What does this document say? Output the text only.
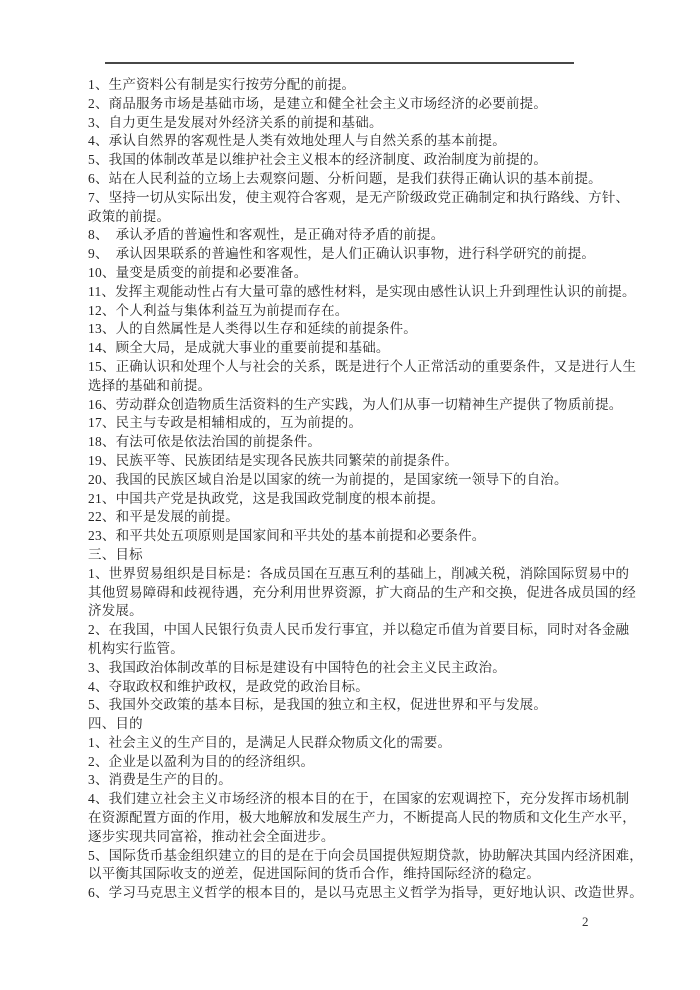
1、生产资料公有制是实行按劳分配的前提。
2、商品服务市场是基础市场，是建立和健全社会主义市场经济的必要前提。
3、自力更生是发展对外经济关系的前提和基础。
4、承认自然界的客观性是人类有效地处理人与自然关系的基本前提。
5、我国的体制改革是以维护社会主义根本的经济制度、政治制度为前提的。
6、站在人民利益的立场上去观察问题、分析问题，是我们获得正确认识的基本前提。
7、坚持一切从实际出发，使主观符合客观，是无产阶级政党正确制定和执行路线、方针、
政策的前提。
8、　承认矛盾的普遍性和客观性，是正确对待矛盾的前提。
9、　承认因果联系的普遍性和客观性，是人们正确认识事物，进行科学研究的前提。
10、量变是质变的前提和必要准备。
11、发挥主观能动性占有大量可靠的感性材料，是实现由感性认识上升到理性认识的前提。
12、个人利益与集体利益互为前提而存在。
13、人的自然属性是人类得以生存和延续的前提条件。
14、顾全大局，是成就大事业的重要前提和基础。
15、正确认识和处理个人与社会的关系，既是进行个人正常活动的重要条件，又是进行人生
选择的基础和前提。
16、劳动群众创造物质生活资料的生产实践，为人们从事一切精神生产提供了物质前提。
17、民主与专政是相辅相成的，互为前提的。
18、有法可依是依法治国的前提条件。
19、民族平等、民族团结是实现各民族共同繁荣的前提条件。
20、我国的民族区域自治是以国家的统一为前提的，是国家统一领导下的自治。
21、中国共产党是执政党，这是我国政党制度的根本前提。
22、和平是发展的前提。
23、和平共处五项原则是国家间和平共处的基本前提和必要条件。
三、目标
1、世界贸易组织是目标是：各成员国在互惠互利的基础上，削减关税，消除国际贸易中的
其他贸易障碍和歧视待遇，充分利用世界资源，扩大商品的生产和交换，促进各成员国的经
济发展。
2、在我国，中国人民银行负责人民币发行事宜，并以稳定币值为首要目标，同时对各金融
机构实行监管。
3、我国政治体制改革的目标是建设有中国特色的社会主义民主政治。
4、夺取政权和维护政权，是政党的政治目标。
5、我国外交政策的基本目标，是我国的独立和主权，促进世界和平与发展。
四、目的
1、社会主义的生产目的，是满足人民群众物质文化的需要。
2、企业是以盈利为目的的经济组织。
3、消费是生产的目的。
4、我们建立社会主义市场经济的根本目的在于，在国家的宏观调控下，充分发挥市场机制
在资源配置方面的作用，极大地解放和发展生产力，不断提高人民的物质和文化生产水平，
逐步实现共同富裕，推动社会全面进步。
5、国际货币基金组织建立的目的是在于向会员国提供短期贷款，协助解决其国内经济困难，
以平衡其国际收支的逆差，促进国际间的货币合作，维持国际经济的稳定。
6、学习马克思主义哲学的根本目的，是以马克思主义哲学为指导，更好地认识、改造世界。
2
